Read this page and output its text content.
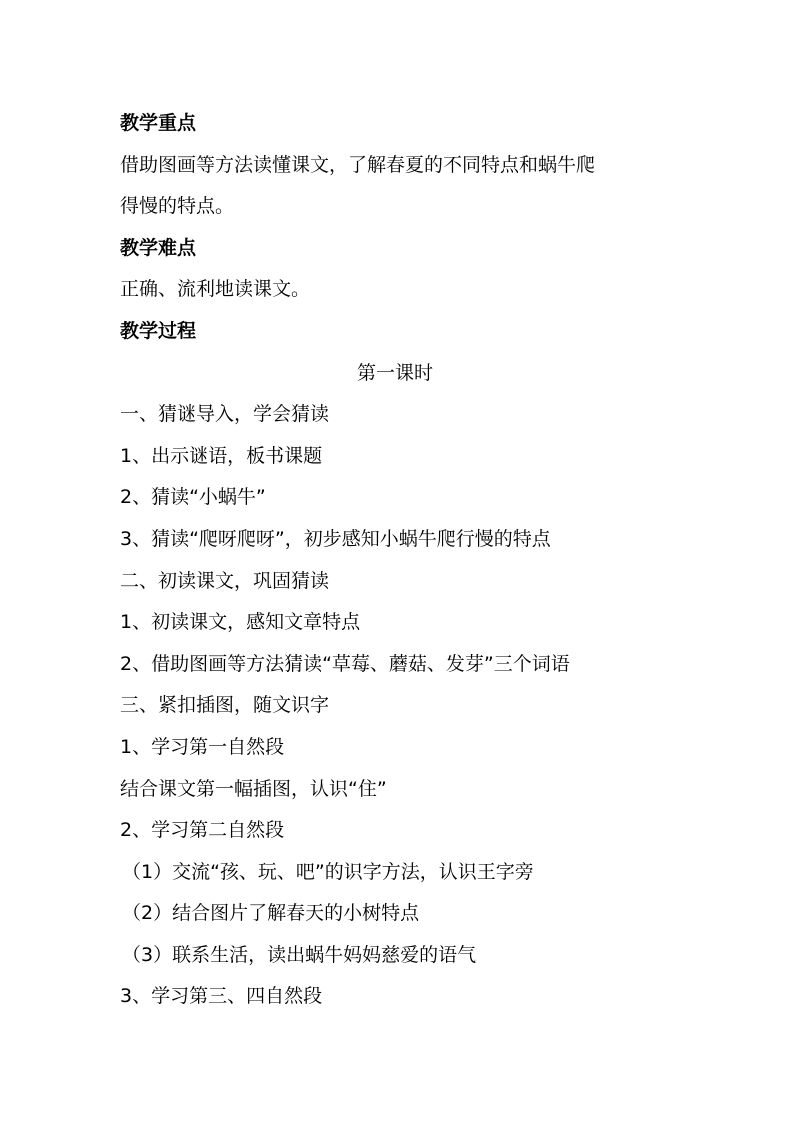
教学重点
借助图画等方法读懂课文，了解春夏的不同特点和蜗牛爬
得慢的特点。
教学难点
正确、流利地读课文。
教学过程
第一课时
一、猜谜导入，学会猜读
1、出示谜语，板书课题
2、猜读“小蜗牛”
3、猜读“爬呀爬呀”，初步感知小蜗牛爬行慢的特点
二、初读课文，巩固猜读
1、初读课文，感知文章特点
2、借助图画等方法猜读“草莓、蘑菇、发芽”三个词语
三、紧扣插图，随文识字
1、学习第一自然段
结合课文第一幅插图，认识“住”
2、学习第二自然段
（1）交流“孩、玩、吧”的识字方法，认识王字旁
（2）结合图片了解春天的小树特点
（3）联系生活，读出蜗牛妈妈慈爱的语气
3、学习第三、四自然段
